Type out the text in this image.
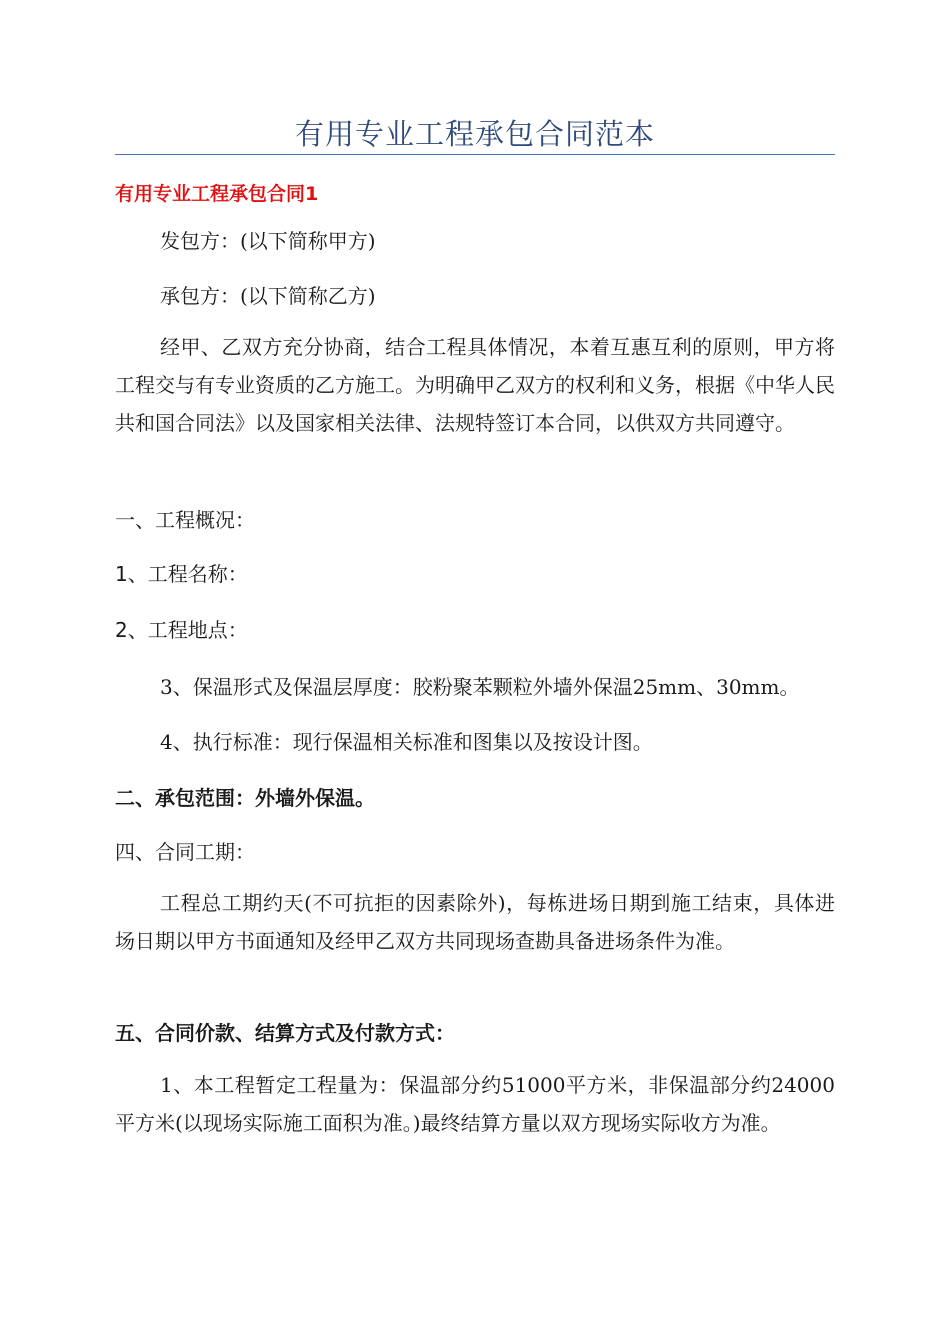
有用专业工程承包合同范本
有用专业工程承包合同1
发包方：(以下简称甲方)
承包方：(以下简称乙方)
经甲、乙双方充分协商，结合工程具体情况，本着互惠互利的原则，甲方将工程交与有专业资质的乙方施工。为明确甲乙双方的权利和义务，根据《中华人民共和国合同法》以及国家相关法律、法规特签订本合同，以供双方共同遵守。
一、工程概况：
1、工程名称：
2、工程地点：
3、保温形式及保温层厚度：胶粉聚苯颗粒外墙外保温25mm、30mm。
4、执行标准：现行保温相关标准和图集以及按设计图。
二、承包范围：外墙外保温。
四、合同工期：
工程总工期约天(不可抗拒的因素除外)，每栋进场日期到施工结束，具体进场日期以甲方书面通知及经甲乙双方共同现场查勘具备进场条件为准。
五、合同价款、结算方式及付款方式：
1、本工程暂定工程量为：保温部分约51000平方米，非保温部分约24000平方米(以现场实际施工面积为准。)最终结算方量以双方现场实际收方为准。
